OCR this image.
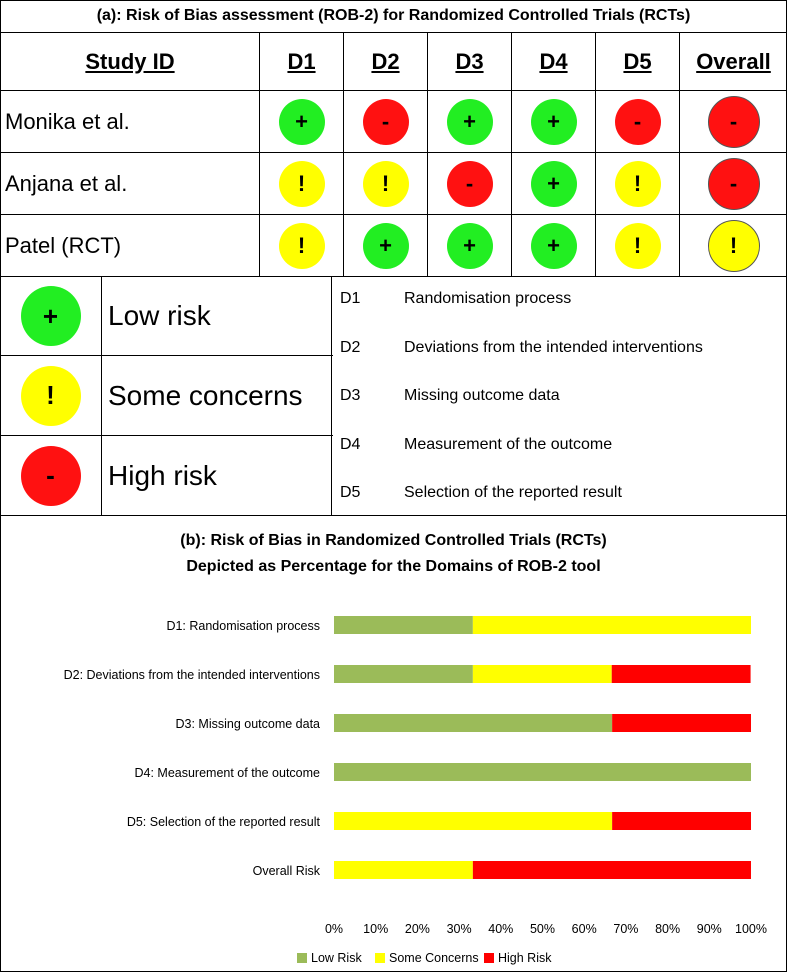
(a): Risk of Bias assessment (ROB-2) for Randomized Controlled Trials (RCTs)
Study ID	D1	D2	D3	D4	D5	Overall
Monika et al.	+	-	+	+	-	-
Anjana et al.	!	!	-	+	!	-
Patel (RCT)	!	+	+	+	!	!
+	Low risk
!	Some concerns
-	High risk
D1	Randomisation process
D2	Deviations from the intended interventions
D3	Missing outcome data
D4	Measurement of the outcome
D5	Selection of the reported result
(b): Risk of Bias in Randomized Controlled Trials (RCTs)
Depicted as Percentage for the Domains of ROB-2 tool
D1: Randomisation process
D2: Deviations from the intended interventions
D3: Missing outcome data
D4: Measurement of the outcome
D5: Selection of the reported result
Overall Risk
0% 10% 20% 30% 40% 50% 60% 70% 80% 90% 100%
Low Risk Some Concerns High Risk
